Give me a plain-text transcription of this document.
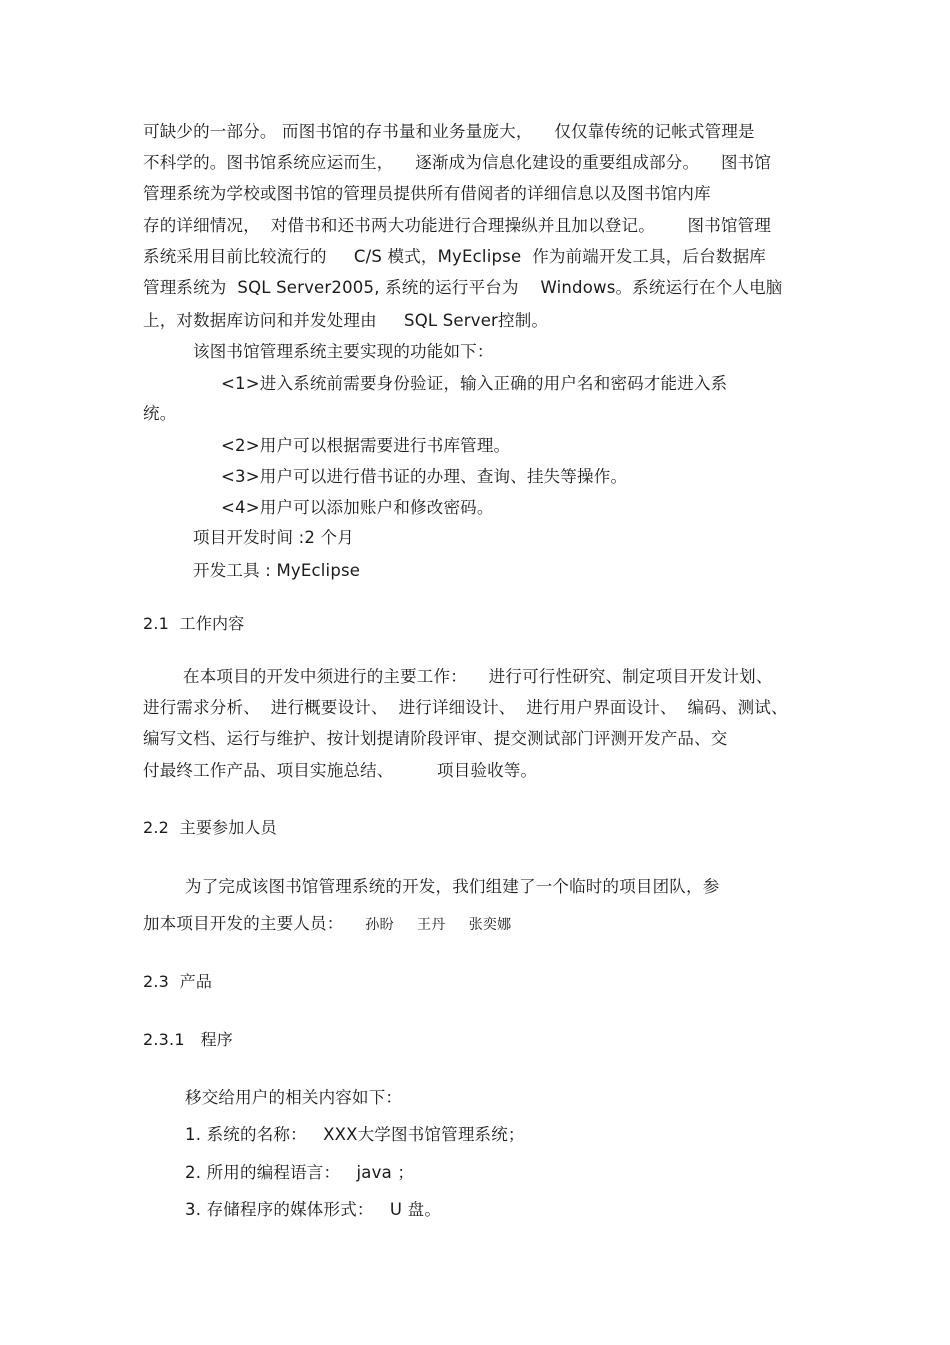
可缺少的一部分。 而图书馆的存书量和业务量庞大，    仅仅靠传统的记帐式管理是
不科学的。图书馆系统应运而生，    逐渐成为信息化建设的重要组成部分。    图书馆
管理系统为学校或图书馆的管理员提供所有借阅者的详细信息以及图书馆内库
存的详细情况，  对借书和还书两大功能进行合理操纵并且加以登记。      图书馆管理
系统采用目前比较流行的     C/S 模式，MyEclipse  作为前端开发工具，后台数据库
管理系统为  SQL Server2005, 系统的运行平台为    Windows。系统运行在个人电脑
上，对数据库访问和并发处理由     SQL Server控制。
该图书馆管理系统主要实现的功能如下：
<1>进入系统前需要身份验证，输入正确的用户名和密码才能进入系
统。
<2>用户可以根据需要进行书库管理。
<3>用户可以进行借书证的办理、查询、挂失等操作。
<4>用户可以添加账户和修改密码。
项目开发时间 :2 个月
开发工具 : MyEclipse
2.1  工作内容
在本项目的开发中须进行的主要工作：    进行可行性研究、制定项目开发计划、
进行需求分析、  进行概要设计、  进行详细设计、  进行用户界面设计、  编码、测试、
编写文档、运行与维护、按计划提请阶段评审、提交测试部门评测开发产品、交
付最终工作产品、项目实施总结、        项目验收等。
2.2  主要参加人员
为了完成该图书馆管理系统的开发，我们组建了一个临时的项目团队，参
加本项目开发的主要人员： 孙盼     王丹     张奕娜
2.3  产品
2.3.1   程序
移交给用户的相关内容如下：
1. 系统的名称：   XXX大学图书馆管理系统；
2. 所用的编程语言：   java ；
3. 存储程序的媒体形式：   U 盘。
